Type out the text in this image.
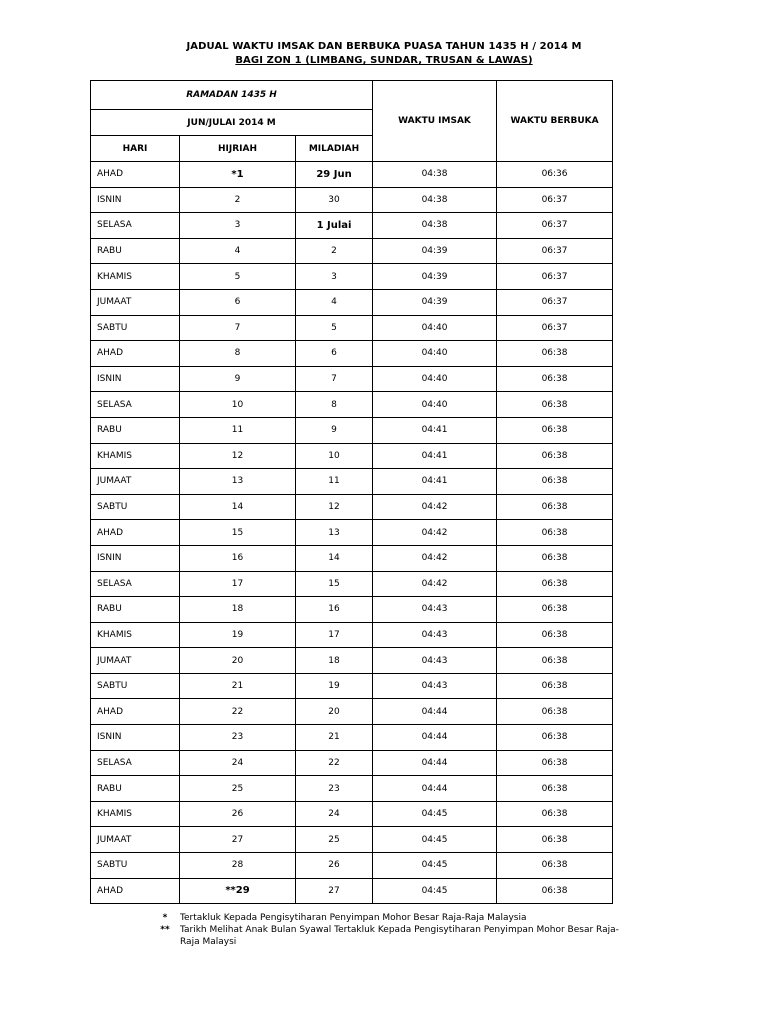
JADUAL WAKTU IMSAK DAN BERBUKA PUASA TAHUN 1435 H / 2014 M
BAGI ZON 1 (LIMBANG, SUNDAR, TRUSAN & LAWAS)
RAMADAN 1435 H			WAKTU IMSAK	WAKTU BERBUKA
JUN/JULAI 2014 M				
HARI	HIJRIAH	MILADIAH		
AHAD	*1	29 Jun	04:38	06:36
ISNIN	2	30	04:38	06:37
SELASA	3	1 Julai	04:38	06:37
RABU	4	2	04:39	06:37
KHAMIS	5	3	04:39	06:37
JUMAAT	6	4	04:39	06:37
SABTU	7	5	04:40	06:37
AHAD	8	6	04:40	06:38
ISNIN	9	7	04:40	06:38
SELASA	10	8	04:40	06:38
RABU	11	9	04:41	06:38
KHAMIS	12	10	04:41	06:38
JUMAAT	13	11	04:41	06:38
SABTU	14	12	04:42	06:38
AHAD	15	13	04:42	06:38
ISNIN	16	14	04:42	06:38
SELASA	17	15	04:42	06:38
RABU	18	16	04:43	06:38
KHAMIS	19	17	04:43	06:38
JUMAAT	20	18	04:43	06:38
SABTU	21	19	04:43	06:38
AHAD	22	20	04:44	06:38
ISNIN	23	21	04:44	06:38
SELASA	24	22	04:44	06:38
RABU	25	23	04:44	06:38
KHAMIS	26	24	04:45	06:38
JUMAAT	27	25	04:45	06:38
SABTU	28	26	04:45	06:38
AHAD	**29	27	04:45	06:38
*	Tertakluk Kepada Pengisytiharan Penyimpan Mohor Besar Raja-Raja Malaysia
**	Tarikh Melihat Anak Bulan Syawal Tertakluk Kepada Pengisytiharan Penyimpan Mohor Besar Raja-Raja Malaysi
